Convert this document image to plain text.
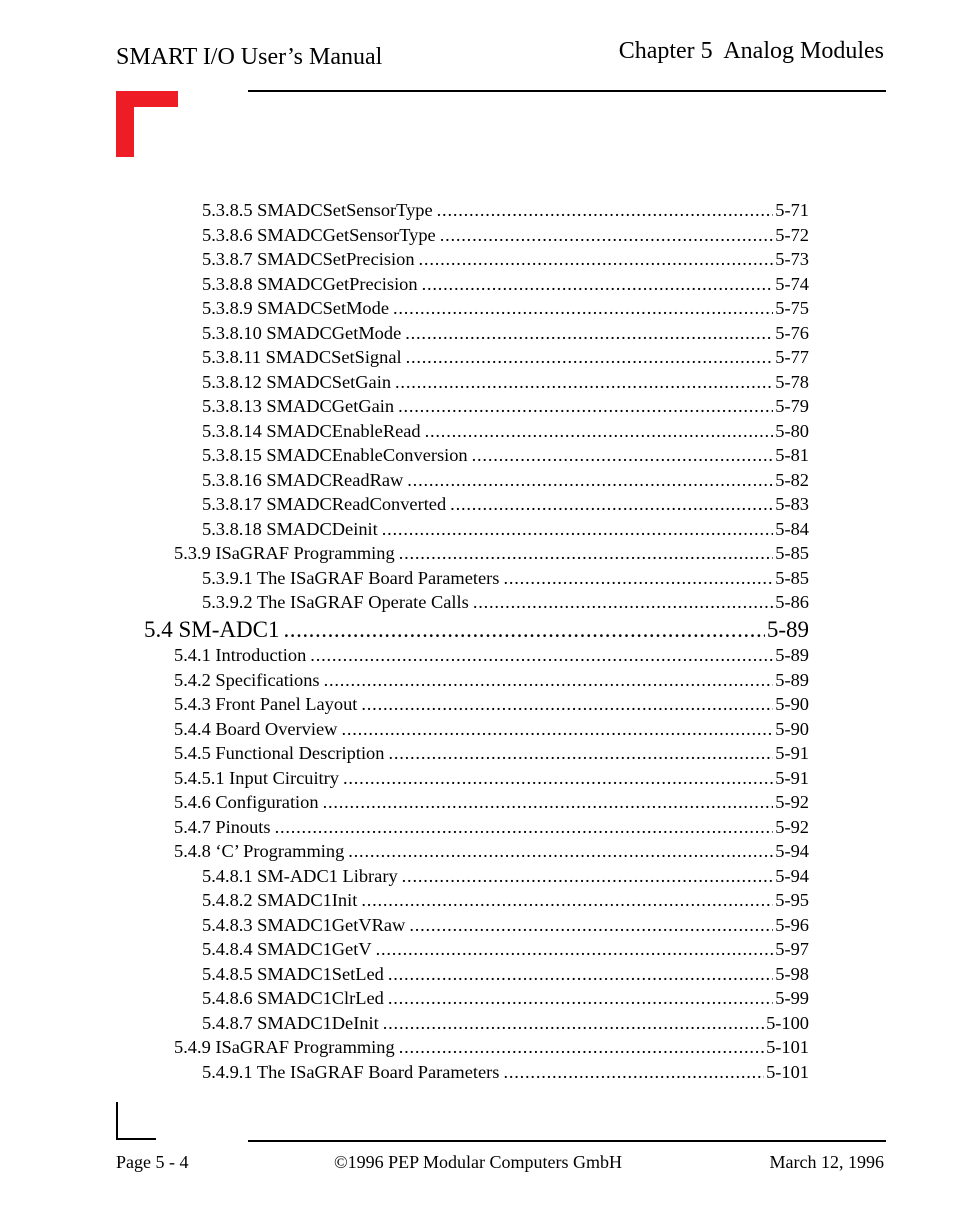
SMART I/O User’s Manual	Chapter 5  Analog Modules
5.3.8.5 SMADCSetSensorType . . .	5-71
5.3.8.6 SMADCGetSensorType . . .	5-72
5.3.8.7 SMADCSetPrecision . . .	5-73
5.3.8.8 SMADCGetPrecision . . .	5-74
5.3.8.9 SMADCSetMode . . .	5-75
5.3.8.10 SMADCGetMode . . .	5-76
5.3.8.11 SMADCSetSignal . . .	5-77
5.3.8.12 SMADCSetGain . . .	5-78
5.3.8.13 SMADCGetGain . . .	5-79
5.3.8.14 SMADCEnableRead . . .	5-80
5.3.8.15 SMADCEnableConversion . . .	5-81
5.3.8.16 SMADCReadRaw . . .	5-82
5.3.8.17 SMADCReadConverted . . .	5-83
5.3.8.18 SMADCDeinit . . .	5-84
5.3.9 ISaGRAF Programming . . .	5-85
5.3.9.1 The ISaGRAF Board Parameters . . .	5-85
5.3.9.2 The ISaGRAF Operate Calls . . .	5-86
5.4 SM-ADC1 . . .	5-89
5.4.1 Introduction . . .	5-89
5.4.2 Specifications . . .	5-89
5.4.3 Front Panel Layout . . .	5-90
5.4.4 Board Overview . . .	5-90
5.4.5 Functional Description . . .	5-91
5.4.5.1 Input Circuitry . . .	5-91
5.4.6 Configuration . . .	5-92
5.4.7 Pinouts . . .	5-92
5.4.8 ‘C’ Programming . . .	5-94
5.4.8.1 SM-ADC1 Library . . .	5-94
5.4.8.2 SMADC1Init . . .	5-95
5.4.8.3 SMADC1GetVRaw . . .	5-96
5.4.8.4 SMADC1GetV . . .	5-97
5.4.8.5 SMADC1SetLed . . .	5-98
5.4.8.6 SMADC1ClrLed . . .	5-99
5.4.8.7 SMADC1DeInit . . .	5-100
5.4.9 ISaGRAF Programming . . .	5-101
5.4.9.1 The ISaGRAF Board Parameters . . .	5-101
Page 5 - 4	©1996 PEP Modular Computers GmbH	March 12, 1996
